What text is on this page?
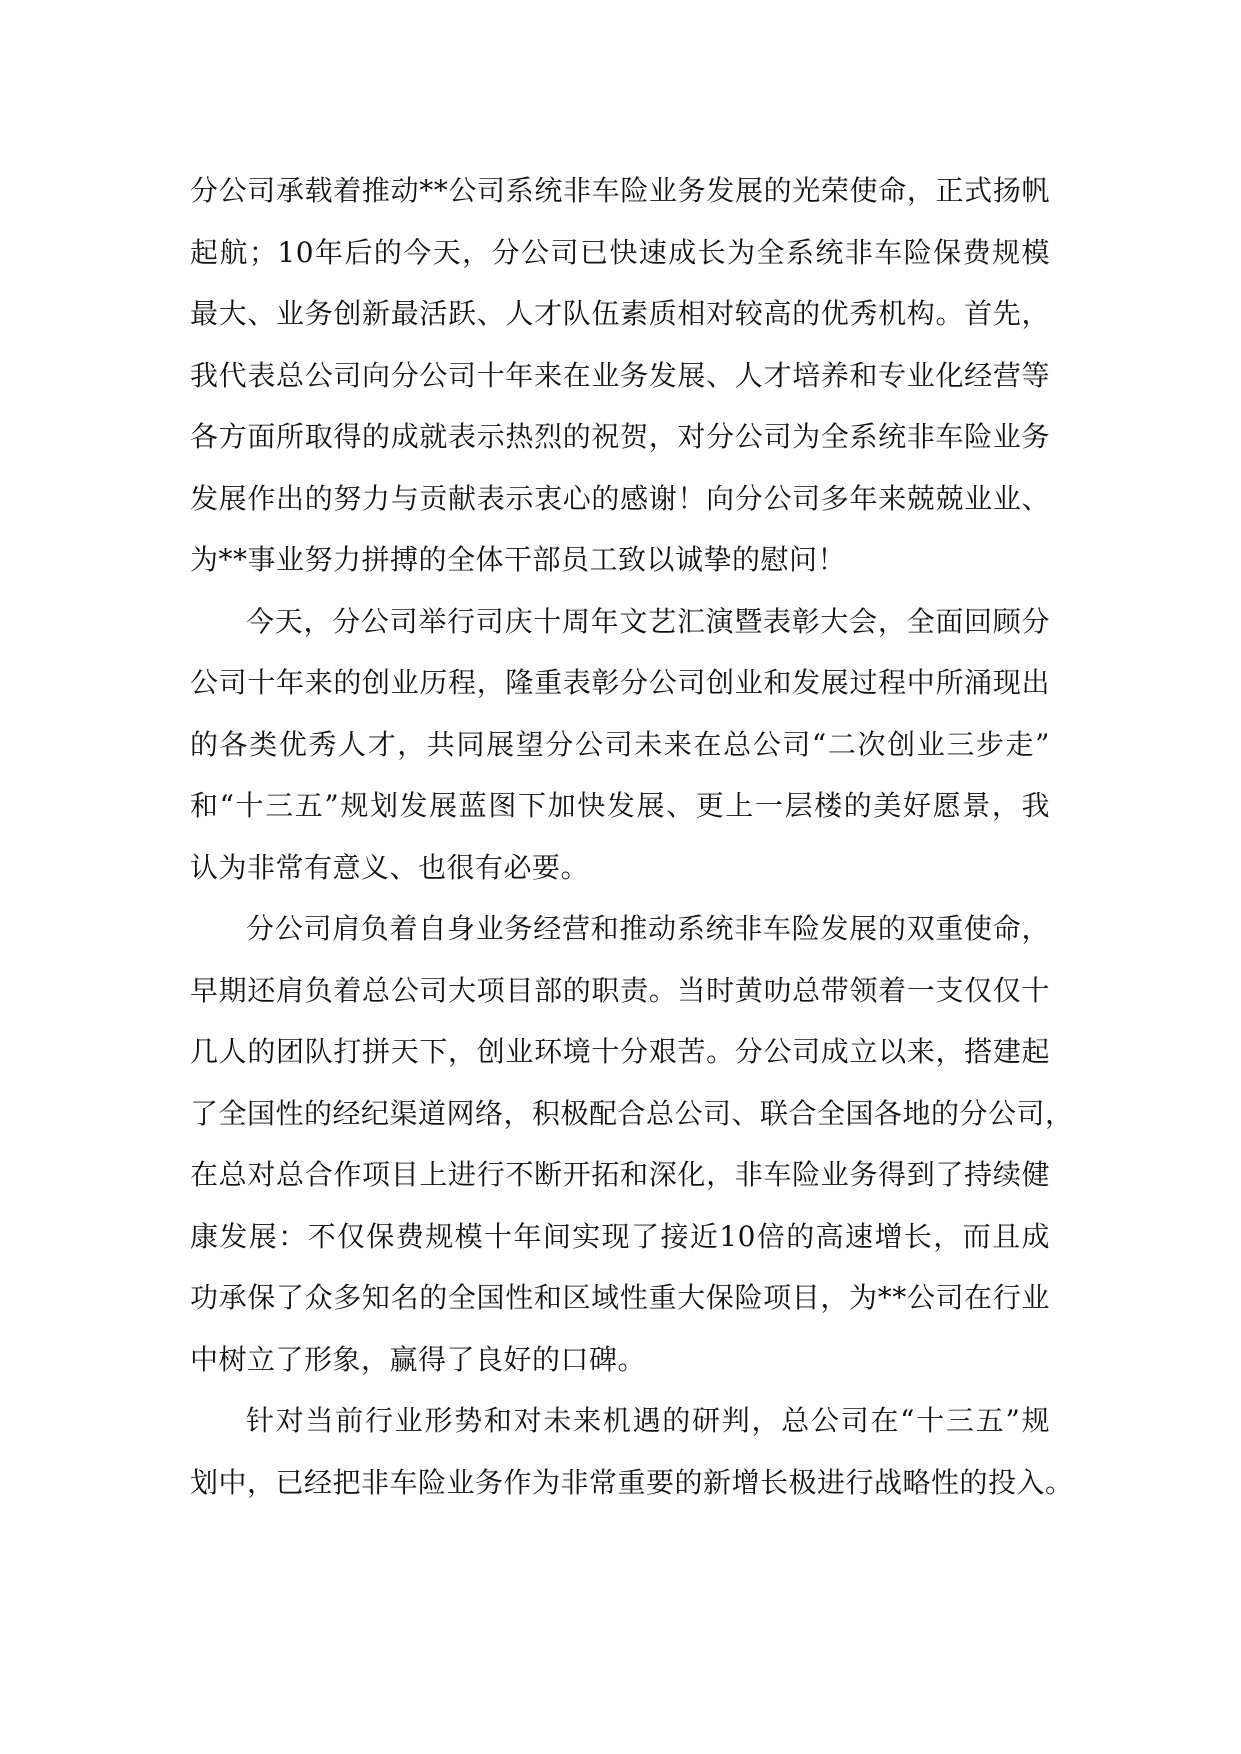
分公司承载着推动**公司系统非车险业务发展的光荣使命，正式扬帆
起航；10年后的今天，分公司已快速成长为全系统非车险保费规模
最大、业务创新最活跃、人才队伍素质相对较高的优秀机构。首先，
我代表总公司向分公司十年来在业务发展、人才培养和专业化经营等
各方面所取得的成就表示热烈的祝贺，对分公司为全系统非车险业务
发展作出的努力与贡献表示衷心的感谢！向分公司多年来兢兢业业、
为**事业努力拼搏的全体干部员工致以诚挚的慰问！
今天，分公司举行司庆十周年文艺汇演暨表彰大会，全面回顾分
公司十年来的创业历程，隆重表彰分公司创业和发展过程中所涌现出
的各类优秀人才，共同展望分公司未来在总公司“二次创业三步走”
和“十三五”规划发展蓝图下加快发展、更上一层楼的美好愿景，我
认为非常有意义、也很有必要。
分公司肩负着自身业务经营和推动系统非车险发展的双重使命，
早期还肩负着总公司大项目部的职责。当时黄叻总带领着一支仅仅十
几人的团队打拼天下，创业环境十分艰苦。分公司成立以来，搭建起
了全国性的经纪渠道网络，积极配合总公司、联合全国各地的分公司，
在总对总合作项目上进行不断开拓和深化，非车险业务得到了持续健
康发展：不仅保费规模十年间实现了接近10倍的高速增长，而且成
功承保了众多知名的全国性和区域性重大保险项目，为**公司在行业
中树立了形象，赢得了良好的口碑。
针对当前行业形势和对未来机遇的研判，总公司在“十三五”规
划中，已经把非车险业务作为非常重要的新增长极进行战略性的投入。
